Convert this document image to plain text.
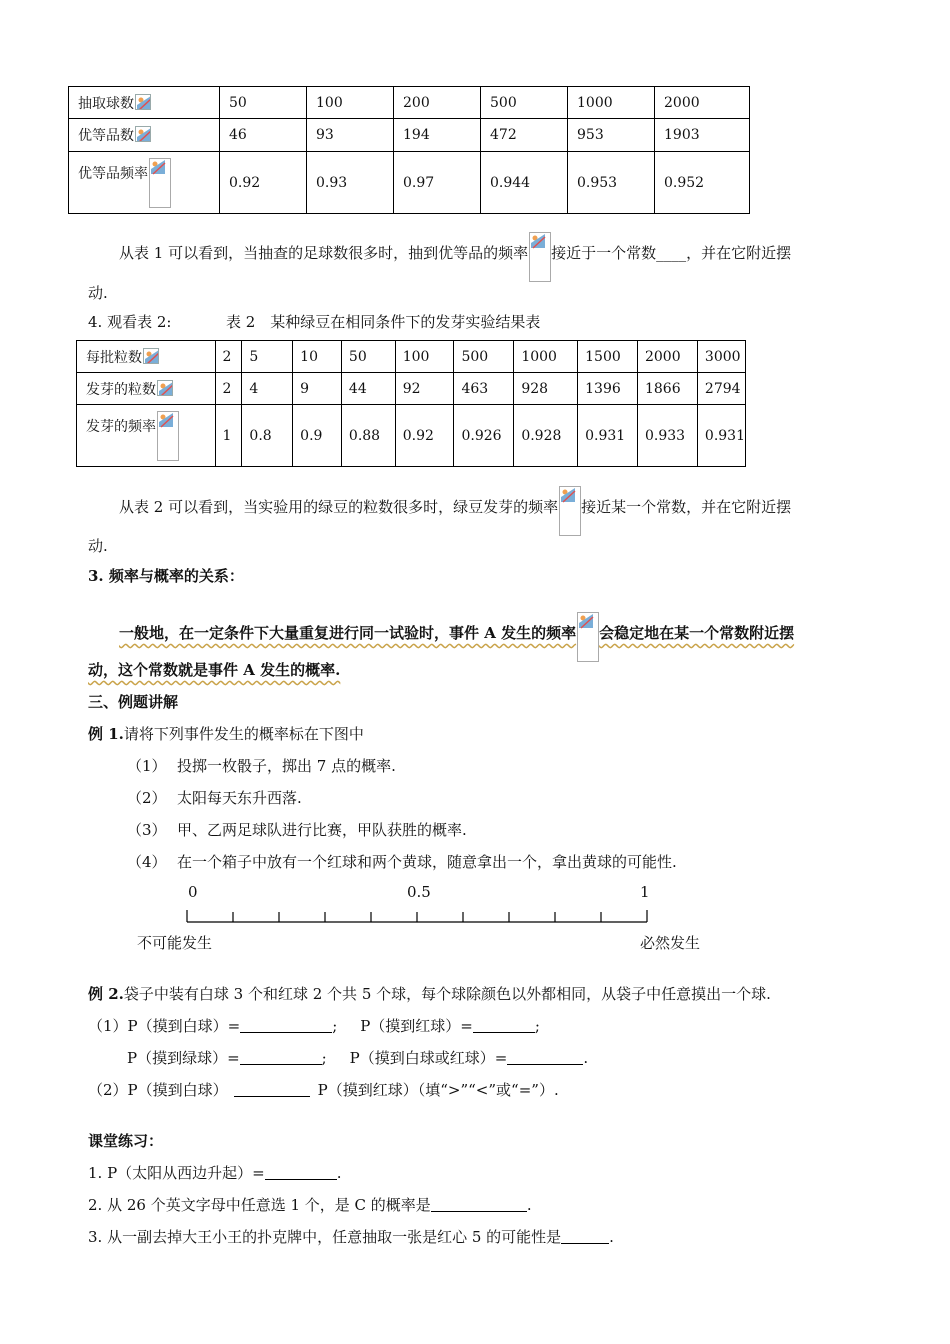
抽取球数	50	100	200	500	1000	2000
优等品数	46	93	194	472	953	1903
优等品频率	0.92	0.93	0.97	0.944	0.953	0.952
从表 1 可以看到，当抽查的足球数很多时，抽到优等品的频率 接近于一个常数____，并在它附近摆
动.
4. 观看表 2:	表 2　某种绿豆在相同条件下的发芽实验结果表
每批粒数	2	5	10	50	100	500	1000	1500	2000	3000
发芽的粒数	2	4	9	44	92	463	928	1396	1866	2794
发芽的频率	1	0.8	0.9	0.88	0.92	0.926	0.928	0.931	0.933	0.931
从表 2 可以看到，当实验用的绿豆的粒数很多时，绿豆发芽的频率 接近某一个常数，并在它附近摆
动.
3. 频率与概率的关系：
一般地，在一定条件下大量重复进行同一试验时，事件 A 发生的频率 会稳定地在某一个常数附近摆
动，这个常数就是事件 A 发生的概率.
三、例题讲解
例 1.请将下列事件发生的概率标在下图中
（1） 投掷一枚骰子，掷出 7 点的概率.
（2） 太阳每天东升西落.
（3） 甲、乙两足球队进行比赛，甲队获胜的概率.
（4） 在一个箱子中放有一个红球和两个黄球，随意拿出一个，拿出黄球的可能性.
0	0.5	1
不可能发生	必然发生
例 2.袋子中装有白球 3 个和红球 2 个共 5 个球，每个球除颜色以外都相同，从袋子中任意摸出一个球.
（1）P（摸到白球）=	; P（摸到红球）=	;
P（摸到绿球）=	; P（摸到白球或红球）=	.
（2）P（摸到白球）	P（摸到红球）（填“>”“<”或“=”）.
课堂练习：
1. P（太阳从西边升起）=	.
2. 从 26 个英文字母中任意选 1 个，是 C 的概率是	.
3. 从一副去掉大王小王的扑克牌中，任意抽取一张是红心 5 的可能性是	.
